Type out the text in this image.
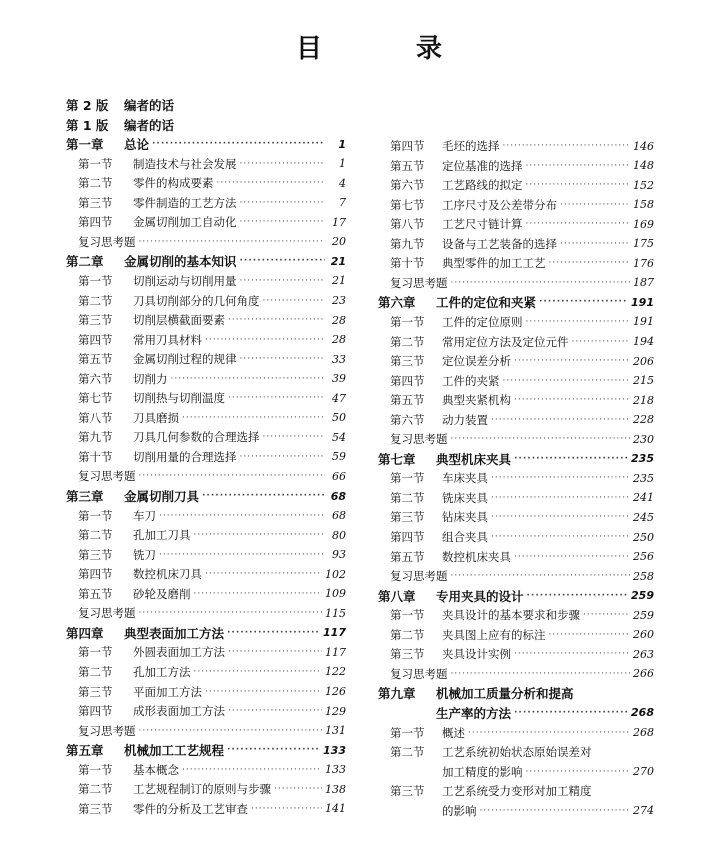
目　录
第 2 版	编者的话
第 1 版	编者的话
第一章	总论 ·····	1
第一节	制造技术与社会发展 ·····	1
第二节	零件的构成要素 ·····	4
第三节	零件制造的工艺方法 ·····	7
第四节	金属切削加工自动化 ·····	17
复习思考题 ·····	20
第二章	金属切削的基本知识 ·····	21
第一节	切削运动与切削用量 ·····	21
第二节	刀具切削部分的几何角度 ·····	23
第三节	切削层横截面要素 ·····	28
第四节	常用刀具材料 ·····	28
第五节	金属切削过程的规律 ·····	33
第六节	切削力 ·····	39
第七节	切削热与切削温度 ·····	47
第八节	刀具磨损 ·····	50
第九节	刀具几何参数的合理选择 ·····	54
第十节	切削用量的合理选择 ·····	59
复习思考题 ·····	66
第三章	金属切削刀具 ·····	68
第一节	车刀 ·····	68
第二节	孔加工刀具 ·····	80
第三节	铣刀 ·····	93
第四节	数控机床刀具 ·····	102
第五节	砂轮及磨削 ·····	109
复习思考题 ·····	115
第四章	典型表面加工方法 ·····	117
第一节	外圆表面加工方法 ·····	117
第二节	孔加工方法 ·····	122
第三节	平面加工方法 ·····	126
第四节	成形表面加工方法 ·····	129
复习思考题 ·····	131
第五章	机械加工工艺规程 ·····	133
第一节	基本概念 ·····	133
第二节	工艺规程制订的原则与步骤 ·····	138
第三节	零件的分析及工艺审查 ·····	141
第四节	毛坯的选择 ·····	146
第五节	定位基准的选择 ·····	148
第六节	工艺路线的拟定 ·····	152
第七节	工序尺寸及公差带分布 ·····	158
第八节	工艺尺寸链计算 ·····	169
第九节	设备与工艺装备的选择 ·····	175
第十节	典型零件的加工工艺 ·····	176
复习思考题 ·····	187
第六章	工件的定位和夹紧 ·····	191
第一节	工件的定位原则 ·····	191
第二节	常用定位方法及定位元件 ·····	194
第三节	定位误差分析 ·····	206
第四节	工件的夹紧 ·····	215
第五节	典型夹紧机构 ·····	218
第六节	动力装置 ·····	228
复习思考题 ·····	230
第七章	典型机床夹具 ·····	235
第一节	车床夹具 ·····	235
第二节	铣床夹具 ·····	241
第三节	钻床夹具 ·····	245
第四节	组合夹具 ·····	250
第五节	数控机床夹具 ·····	256
复习思考题 ·····	258
第八章	专用夹具的设计 ·····	259
第一节	夹具设计的基本要求和步骤 ·····	259
第二节	夹具图上应有的标注 ·····	260
第三节	夹具设计实例 ·····	263
复习思考题 ·····	266
第九章	机械加工质量分析和提高
生产率的方法 ·····	268
第一节	概述 ·····	268
第二节	工艺系统初始状态原始误差对
加工精度的影响 ·····	270
第三节	工艺系统受力变形对加工精度
的影响 ·····	274
